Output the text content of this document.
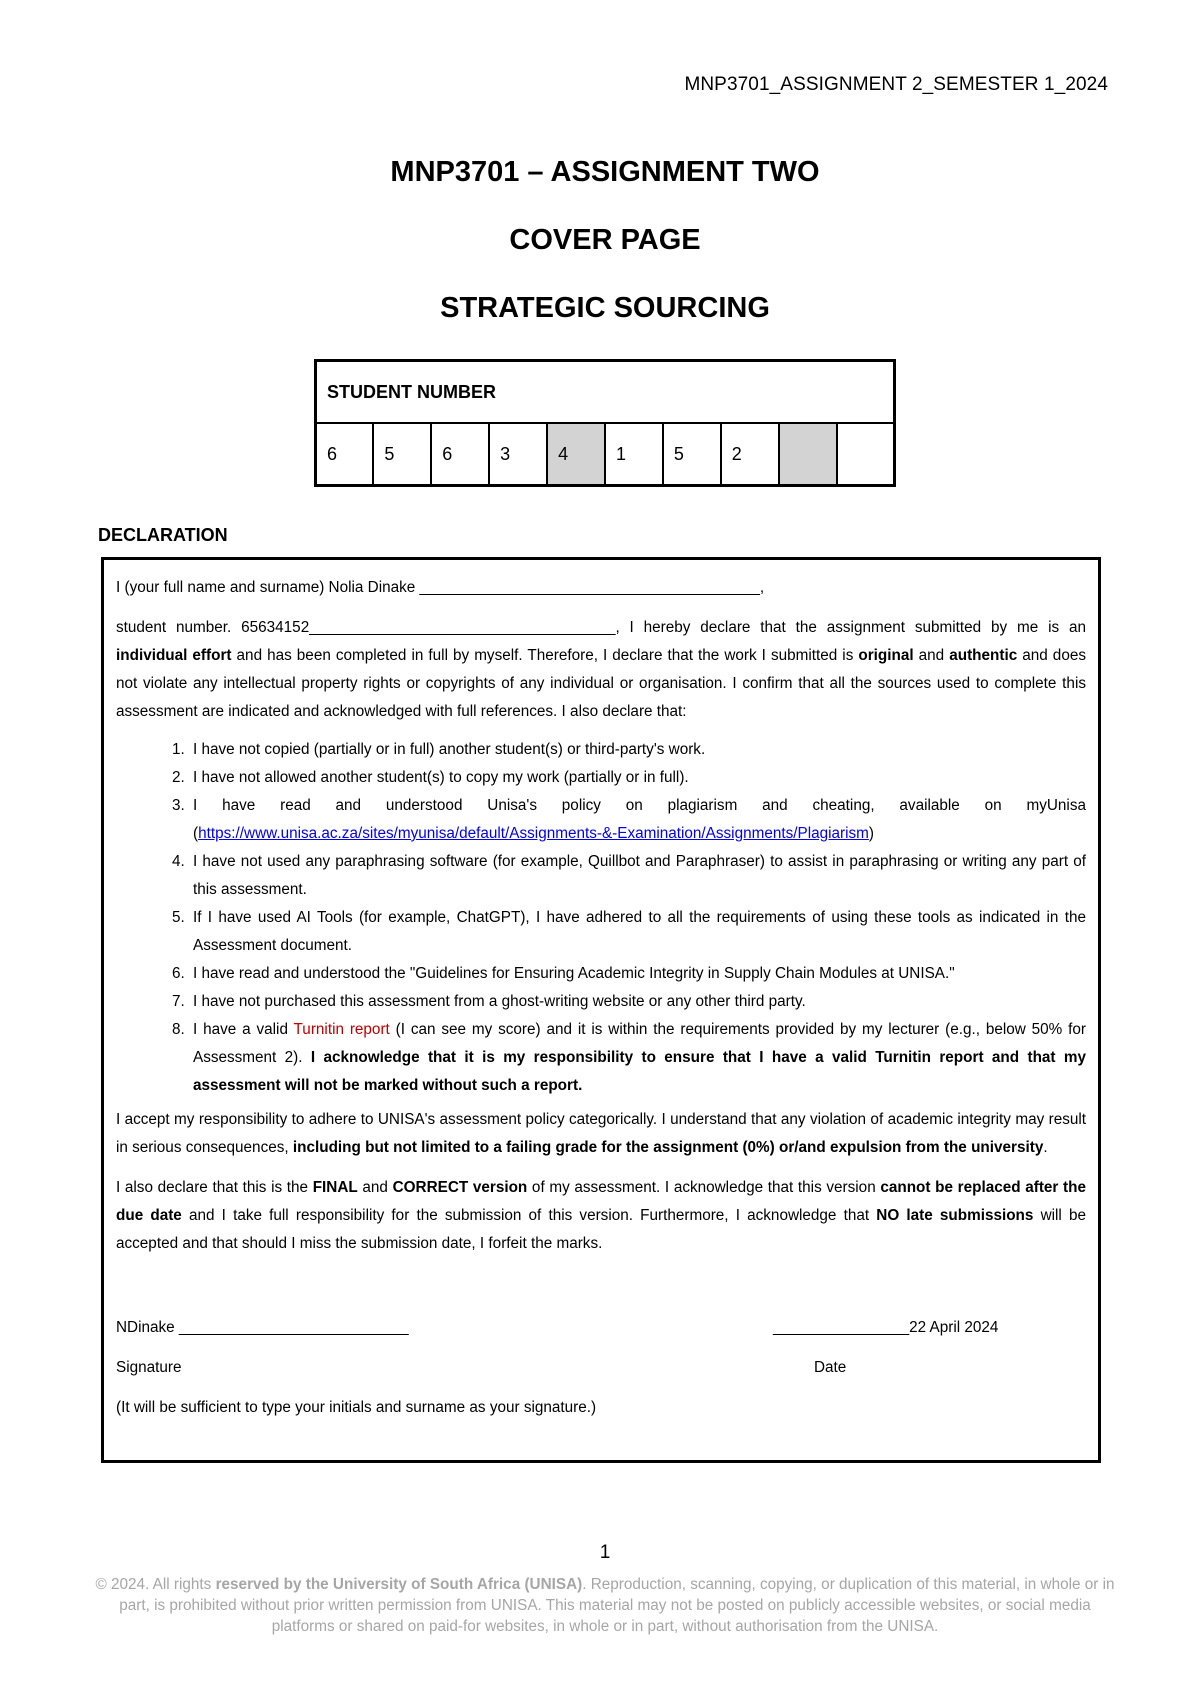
MNP3701_ASSIGNMENT 2_SEMESTER 1_2024
MNP3701 – ASSIGNMENT TWO
COVER PAGE
STRATEGIC SOURCING
STUDENT NUMBER
6	5	6	3	4	1	5	2		
DECLARATION

I (your full name and surname) Nolia Dinake ________________________________________,

student number. 65634152____________________________________, I hereby declare that the assignment submitted by me is an individual effort and has been completed in full by myself. Therefore, I declare that the work I submitted is original and authentic and does not violate any intellectual property rights or copyrights of any individual or organisation. I confirm that all the sources used to complete this assessment are indicated and acknowledged with full references. I also declare that:

1. I have not copied (partially or in full) another student(s) or third-party's work.
2. I have not allowed another student(s) to copy my work (partially or in full).
3. I have read and understood Unisa's policy on plagiarism and cheating, available on myUnisa (https://www.unisa.ac.za/sites/myunisa/default/Assignments-&-Examination/Assignments/Plagiarism)
4. I have not used any paraphrasing software (for example, Quillbot and Paraphraser) to assist in paraphrasing or writing any part of this assessment.
5. If I have used AI Tools (for example, ChatGPT), I have adhered to all the requirements of using these tools as indicated in the Assessment document.
6. I have read and understood the "Guidelines for Ensuring Academic Integrity in Supply Chain Modules at UNISA."
7. I have not purchased this assessment from a ghost-writing website or any other third party.
8. I have a valid Turnitin report (I can see my score) and it is within the requirements provided by my lecturer (e.g., below 50% for Assessment 2). I acknowledge that it is my responsibility to ensure that I have a valid Turnitin report and that my assessment will not be marked without such a report.

I accept my responsibility to adhere to UNISA's assessment policy categorically. I understand that any violation of academic integrity may result in serious consequences, including but not limited to a failing grade for the assignment (0%) or/and expulsion from the university.

I also declare that this is the FINAL and CORRECT version of my assessment. I acknowledge that this version cannot be replaced after the due date and I take full responsibility for the submission of this version. Furthermore, I acknowledge that NO late submissions will be accepted and that should I miss the submission date, I forfeit the marks.

NDinake ___________________________	________________22 April 2024
Signature	Date

(It will be sufficient to type your initials and surname as your signature.)

1
© 2024. All rights reserved by the University of South Africa (UNISA). Reproduction, scanning, copying, or duplication of this material, in whole or in part, is prohibited without prior written permission from UNISA. This material may not be posted on publicly accessible websites, or social media platforms or shared on paid-for websites, in whole or in part, without authorisation from the UNISA.
